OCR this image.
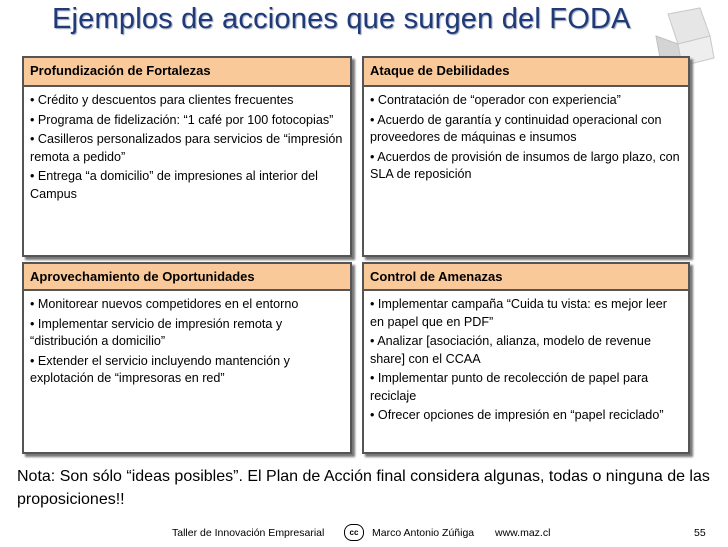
Ejemplos de acciones que surgen del FODA
Profundización de Fortalezas

• Crédito y descuentos para clientes frecuentes

• Programa de fidelización: “1 café por 100 fotocopias”

• Casilleros personalizados para servicios de “impresión remota a pedido”

• Entrega “a domicilio” de impresiones al interior del Campus

Ataque de Debilidades

• Contratación de “operador con experiencia”

• Acuerdo de garantía y continuidad operacional con proveedores de máquinas e insumos

• Acuerdos de provisión de insumos de largo plazo, con SLA de reposición

Aprovechamiento de Oportunidades

• Monitorear nuevos competidores en el entorno

• Implementar servicio de impresión remota y “distribución a domicilio”

• Extender el servicio incluyendo mantención y explotación de “impresoras en red”

Control de Amenazas

• Implementar campaña “Cuida tu vista: es mejor leer en papel que en PDF”

• Analizar [asociación, alianza, modelo de revenue share] con el CCAA

• Implementar punto de recolección de papel para reciclaje

• Ofrecer opciones de impresión en “papel reciclado”

Nota: Son sólo “ideas posibles”. El Plan de Acción final considera algunas, todas o ninguna de las proposiciones!!
Taller de Innovación Empresarial	cc	Marco Antonio Zúñiga www.maz.cl	55
